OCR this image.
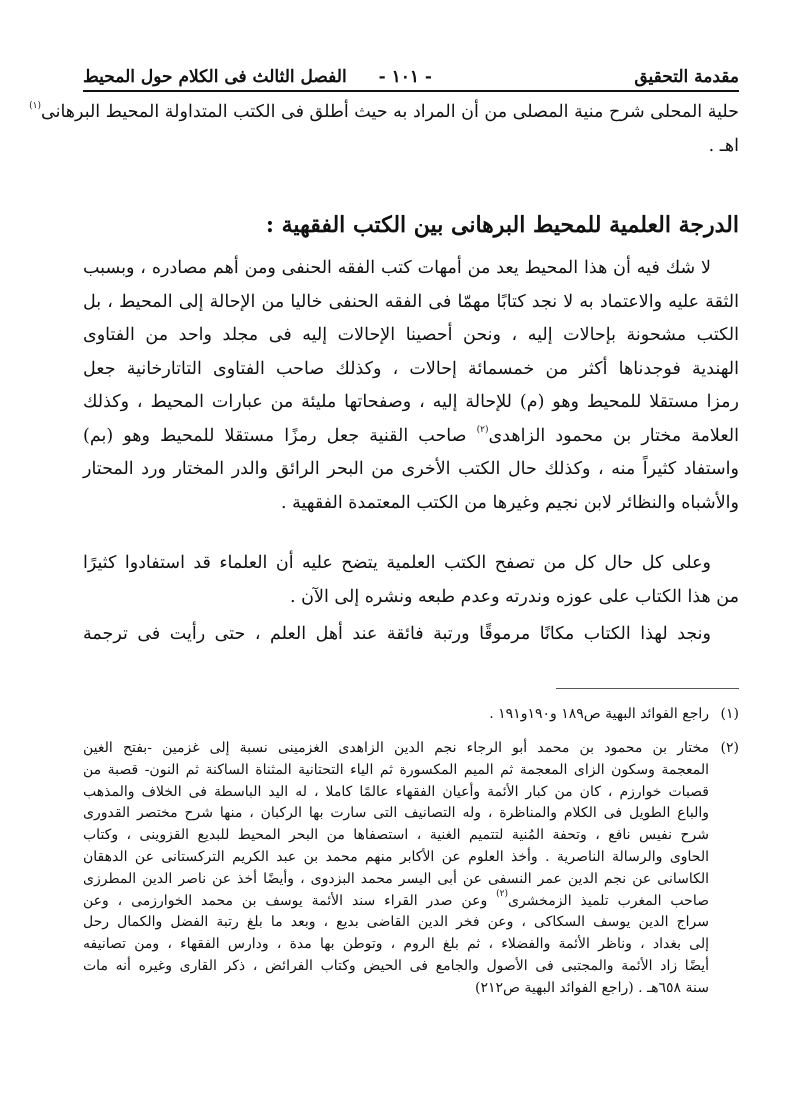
مقدمة التحقيق
- ١٠١ - الفصل الثالث فى الكلام حول المحيط
حلية المحلى شرح منية المصلى من أن المراد به حيث أطلق فى الكتب المتداولة المحيط البرهانى$^{(١)}$
اهـ .
الدرجة العلمية للمحيط البرهانى بين الكتب الفقهية :
لا شك فيه أن هذا المحيط يعد من أمهات كتب الفقه الحنفى ومن أهم مصادره ، وبسبب
الثقة عليه والاعتماد به لا نجد كتابًا مهمّا فى الفقه الحنفى خاليا من الإحالة إلى المحيط ، بل
الكتب مشحونة بإحالات إليه ، ونحن أحصينا الإحالات إليه فى مجلد واحد من الفتاوى
الهندية فوجدناها أكثر من خمسمائة إحالات ، وكذلك صاحب الفتاوى التاتارخانية جعل
رمزا مستقلا للمحيط وهو (م) للإحالة إليه ، وصفحاتها مليئة من عبارات المحيط ، وكذلك
العلامة مختار بن محمود الزاهدى$^{(٢)}$ صاحب القنية جعل رمزًا مستقلا للمحيط وهو (بم)
واستفاد كثيراً منه ، وكذلك حال الكتب الأخرى من البحر الرائق والدر المختار ورد المحتار
والأشباه والنظائر لابن نجيم وغيرها من الكتب المعتمدة الفقهية .
وعلى كل حال كل من تصفح الكتب العلمية يتضح عليه أن العلماء قد استفادوا كثيرًا
من هذا الكتاب على عوزه وندرته وعدم طبعه ونشره إلى الآن .
ونجد لهذا الكتاب مكانًا مرموقًا ورتبة فائقة عند أهل العلم ، حتى رأيت فى ترجمة
(١)
راجع الفوائد البهية ص١٨٩ و١٩٠و١٩١ .
(٢)
مختار بن محمود بن محمد أبو الرجاء نجم الدين الزاهدى الغزمينى نسبة إلى غزمين -بفتح الغين
المعجمة وسكون الزاى المعجمة ثم الميم المكسورة ثم الياء التحتانية المثناة الساكنة ثم النون- قصبة من
قصبات خوارزم ، كان من كبار الأئمة وأعيان الفقهاء عالمًا كاملا ، له اليد الباسطة فى الخلاف والمذهب
والباع الطويل فى الكلام والمناظرة ، وله التصانيف التى سارت بها الركبان ، منها شرح مختصر القدورى
شرح نفيس نافع ، وتحفة المُنية لتتميم الغنية ، استصفاها من البحر المحيط للبديع القزوينى ، وكتاب
الحاوى والرسالة الناصرية . وأخذ العلوم عن الأكابر منهم محمد بن عبد الكريم التركستانى عن الدهقان
الكاسانى عن نجم الدين عمر النسفى عن أبى اليسر محمد البزدوى ، وأيضًا أخذ عن ناصر الدين المطرزى
صاحب المغرب تلميذ الزمخشرى$^{(٢)}$ وعن صدر القراء سند الأئمة يوسف بن محمد الخوارزمى ، وعن
سراج الدين يوسف السكاكى ، وعن فخر الدين القاضى بديع ، وبعد ما بلغ رتبة الفضل والكمال رحل
إلى بغداد ، وناظر الأئمة والفضلاء ، ثم بلغ الروم ، وتوطن بها مدة ، ودارس الفقهاء ، ومن تصانيفه
أيضًا زاد الأئمة والمجتبى فى الأصول والجامع فى الحيض وكتاب الفرائض ، ذكر القارى وغيره أنه مات
سنة ٦٥٨هـ . (راجع الفوائد البهية ص٢١٢)
